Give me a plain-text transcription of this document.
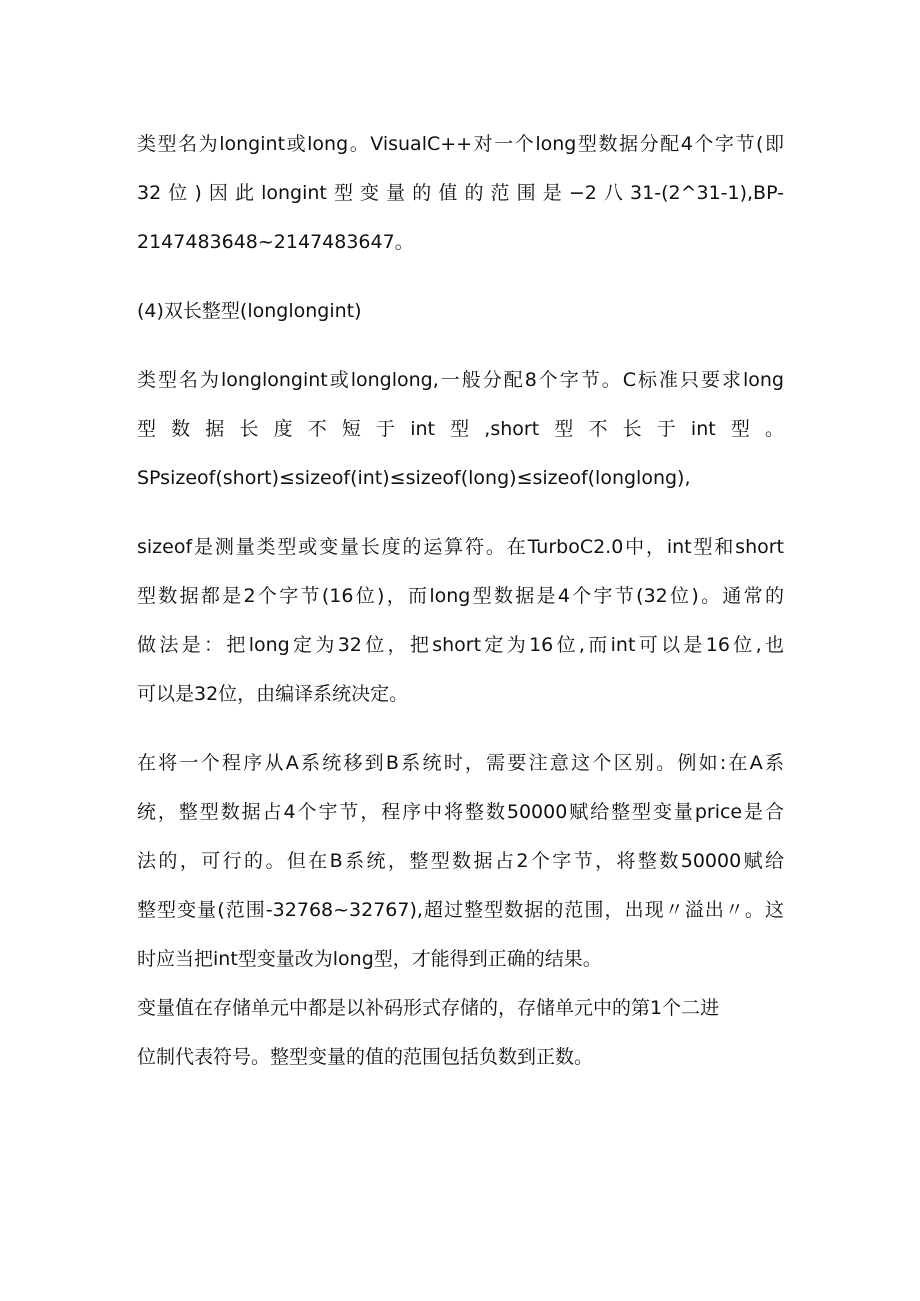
类型名为longint或long。VisualC++对一个long型数据分配4个字节(即
32位)因此longint型变量的值的范围是−2八31-(2^31-1),BP-
2147483648~2147483647。
(4)双长整型(longlongint)
类型名为longlongint或longlong,一般分配8个字节。C标准只要求long
型数据长度不短于int型,short型不长于int型。
SPsizeof(short)≤sizeof(int)≤sizeof(long)≤sizeof(longlong),
sizeof是测量类型或变量长度的运算符。在TurboC2.0中，int型和short
型数据都是2个字节(16位)，而long型数据是4个宇节(32位)。通常的
做法是：把long定为32位，把short定为16位,而int可以是16位,也
可以是32位，由编译系统决定。
在将一个程序从A系统移到B系统时，需要注意这个区别。例如:在A系
统，整型数据占4个宇节，程序中将整数50000赋给整型变量price是合
法的，可行的。但在B系统，整型数据占2个字节，将整数50000赋给
整型变量(范围-32768~32767),超过整型数据的范围，出现〃溢出〃。这
时应当把int型变量改为long型，才能得到正确的结果。
变量值在存储单元中都是以补码形式存储的，存储单元中的第1个二进
位制代表符号。整型变量的值的范围包括负数到正数。
